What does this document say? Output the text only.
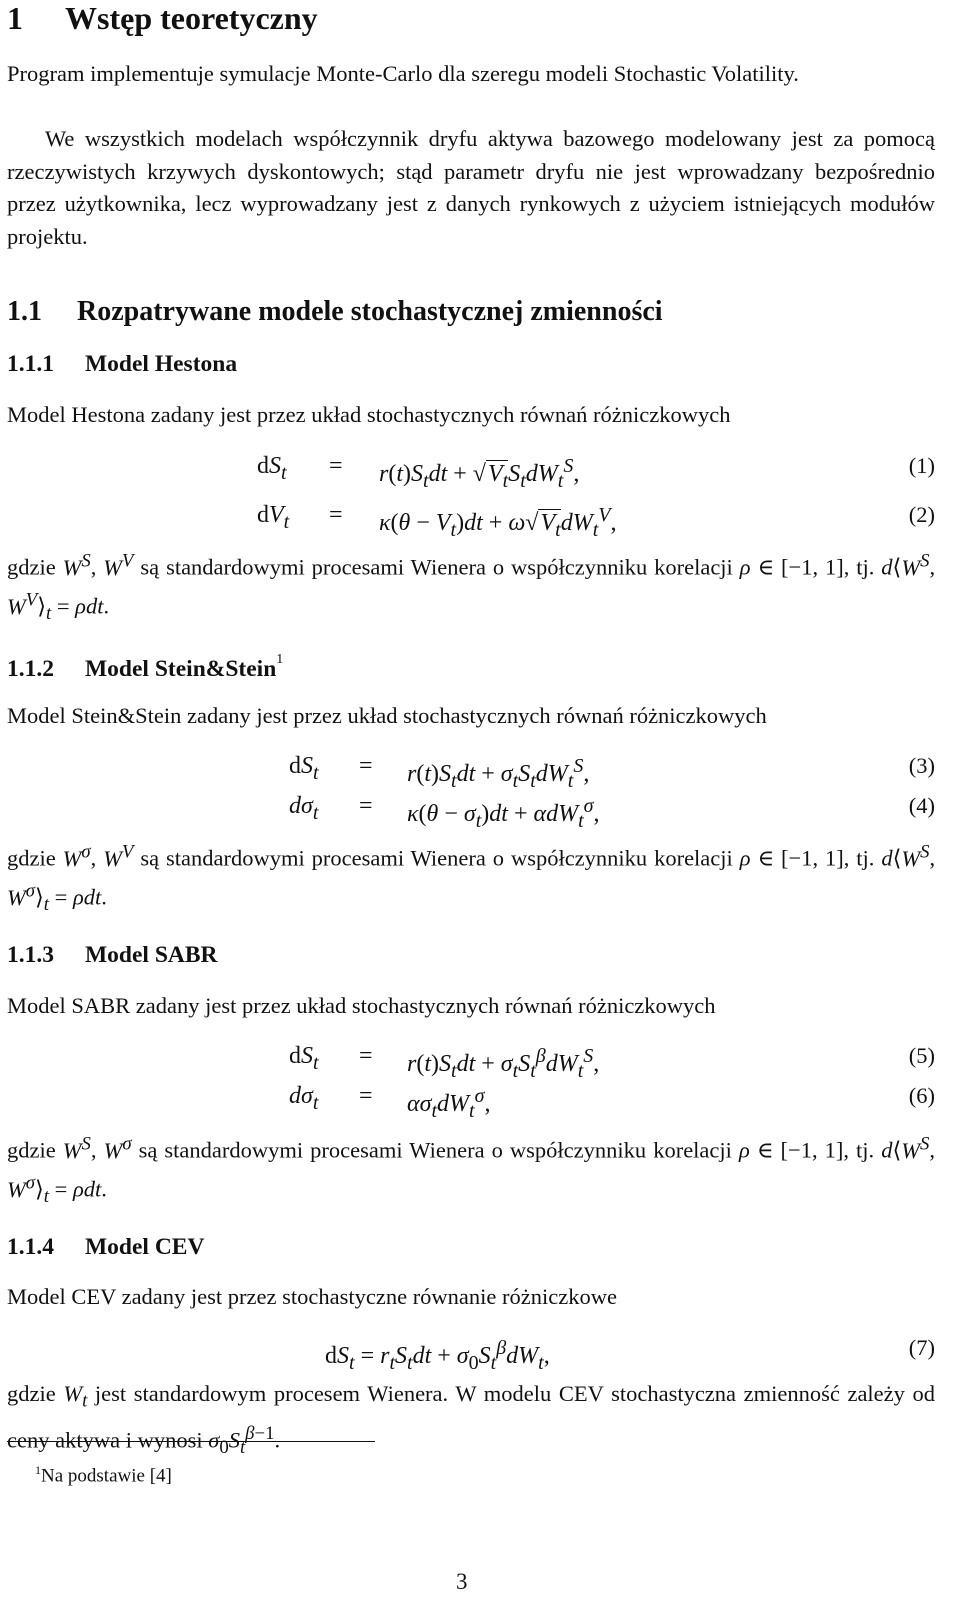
1 Wstęp teoretyczny

Program implementuje symulacje Monte-Carlo dla szeregu modeli Stochastic Volatility.

We wszystkich modelach współczynnik dryfu aktywa bazowego modelowany jest za pomocą rzeczywistych krzywych dyskontowych; stąd parametr dryfu nie jest wprowadzany bezpośrednio przez użytkownika, lecz wyprowadzany jest z danych rynkowych z użyciem istniejących modułów projektu.

1.1 Rozpatrywane modele stochastycznej zmienności
1.1.1 Model Hestona

Model Hestona zadany jest przez układ stochastycznych równań różniczkowych

$dS_t = r(t)S_tdt + √V_tS_tdW_t^S$,	(1)
$dV_t = \kappa(\theta - V_t)dt + \omega√V_tdW_t^V$,	(2)

gdzie $W^S$, $W^V$ są standardowymi procesami Wienera o współczynniku korelacji ρ ∈ [−1, 1], tj. $d⟨W^S$, $W^V⟩_t = \rho dt$.

1.1.2 Model Stein&Stein$^1$

Model Stein&Stein zadany jest przez układ stochastycznych równań różniczkowych

$dS_t = r(t)S_tdt + \sigma_tS_tdW_t^S$,	(3)
$d\sigma_t = \kappa(\theta - \sigma_t)dt + \alpha dW_t^\sigma$,	(4)

gdzie $W^\sigma$, $W^V$ są standardowymi procesami Wienera o współczynniku korelacji ρ ∈ [−1, 1], tj. $d⟨W^S$, $W^\sigma⟩_t = \rho dt$.

1.1.3 Model SABR

Model SABR zadany jest przez układ stochastycznych równań różniczkowych

$dS_t = r(t)S_tdt + \sigma_tS_t^\beta dW_t^S$,	(5)
$d\sigma_t = \alpha\sigma_tdW_t^\sigma$,	(6)

gdzie $W^S$, $W^\sigma$ są standardowymi procesami Wienera o współczynniku korelacji ρ ∈ [−1, 1], tj. $d⟨W^S$, $W^\sigma⟩_t = \rho dt$.

1.1.4 Model CEV

Model CEV zadany jest przez stochastyczne równanie różniczkowe

$dS_t = r_tS_tdt + \sigma_0S_t^\beta dW_t$,	(7)

gdzie $W_t$ jest standardowym procesem Wienera. W modelu CEV stochastyczna zmienność zależy od ceny aktywa i wynosi $\sigma_0S_t^{\beta-1}$.

$^1$Na podstawie [4]
3
